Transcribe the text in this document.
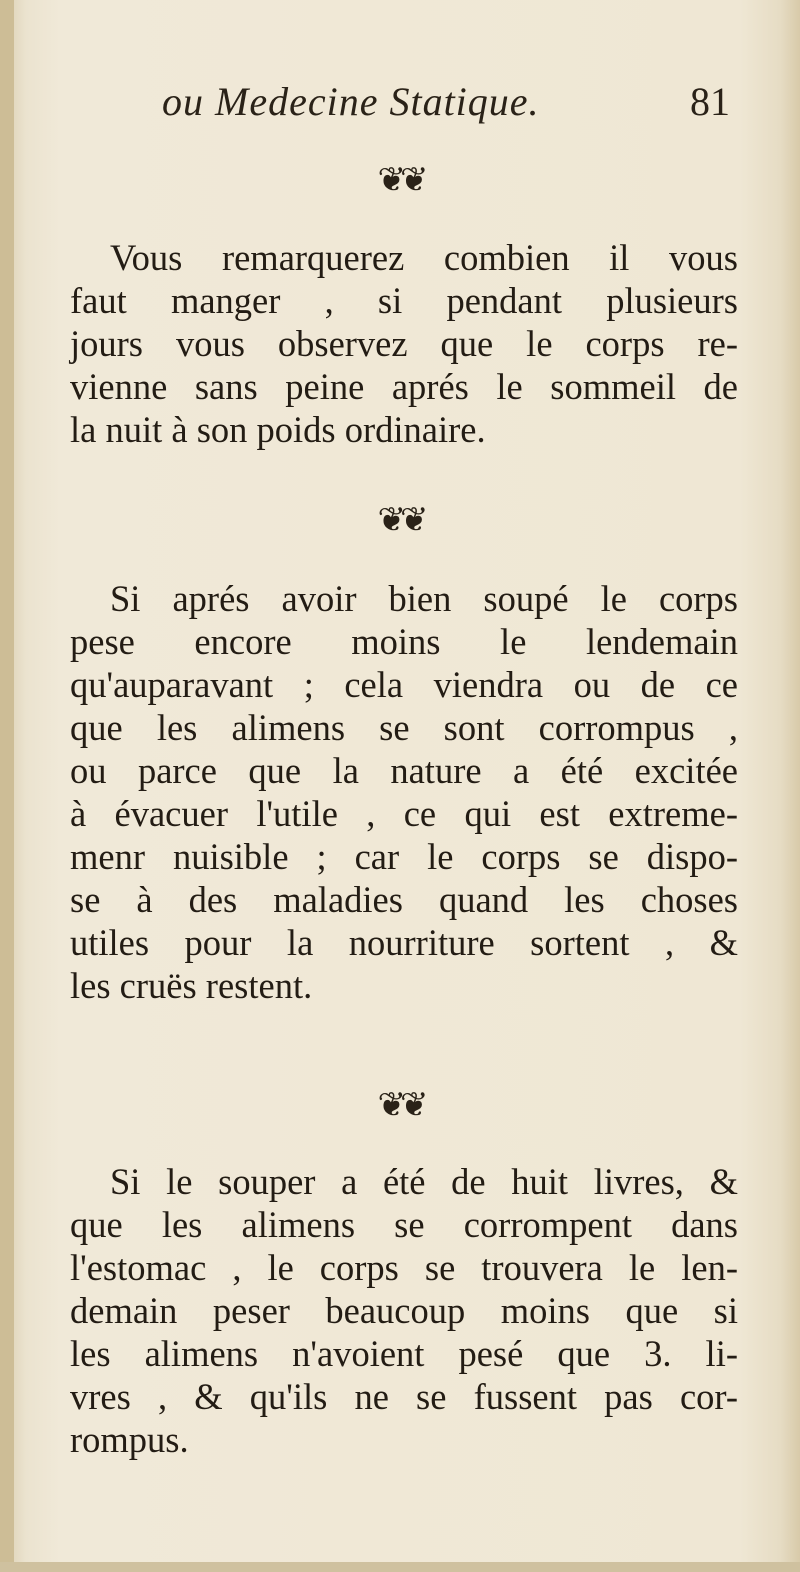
ou Medecine Statique.	81
❦❦

Vous remarquerez combien il vous
faut manger , si pendant plusieurs
jours vous observez que le corps re-
vienne sans peine aprés le sommeil de
la nuit à son poids ordinaire.

❦❦

Si aprés avoir bien soupé le corps
pese encore moins le lendemain
qu'auparavant ; cela viendra ou de ce
que les alimens se sont corrompus ,
ou parce que la nature a été excitée
à évacuer l'utile , ce qui est extreme-
menr nuisible ; car le corps se dispo-
se à des maladies quand les choses
utiles pour la nourriture sortent , &
les cruës restent.

❦❦

Si le souper a été de huit livres, &
que les alimens se corrompent dans
l'estomac , le corps se trouvera le len-
demain peser beaucoup moins que si
les alimens n'avoient pesé que 3. li-
vres , & qu'ils ne se fussent pas cor-
rompus.
